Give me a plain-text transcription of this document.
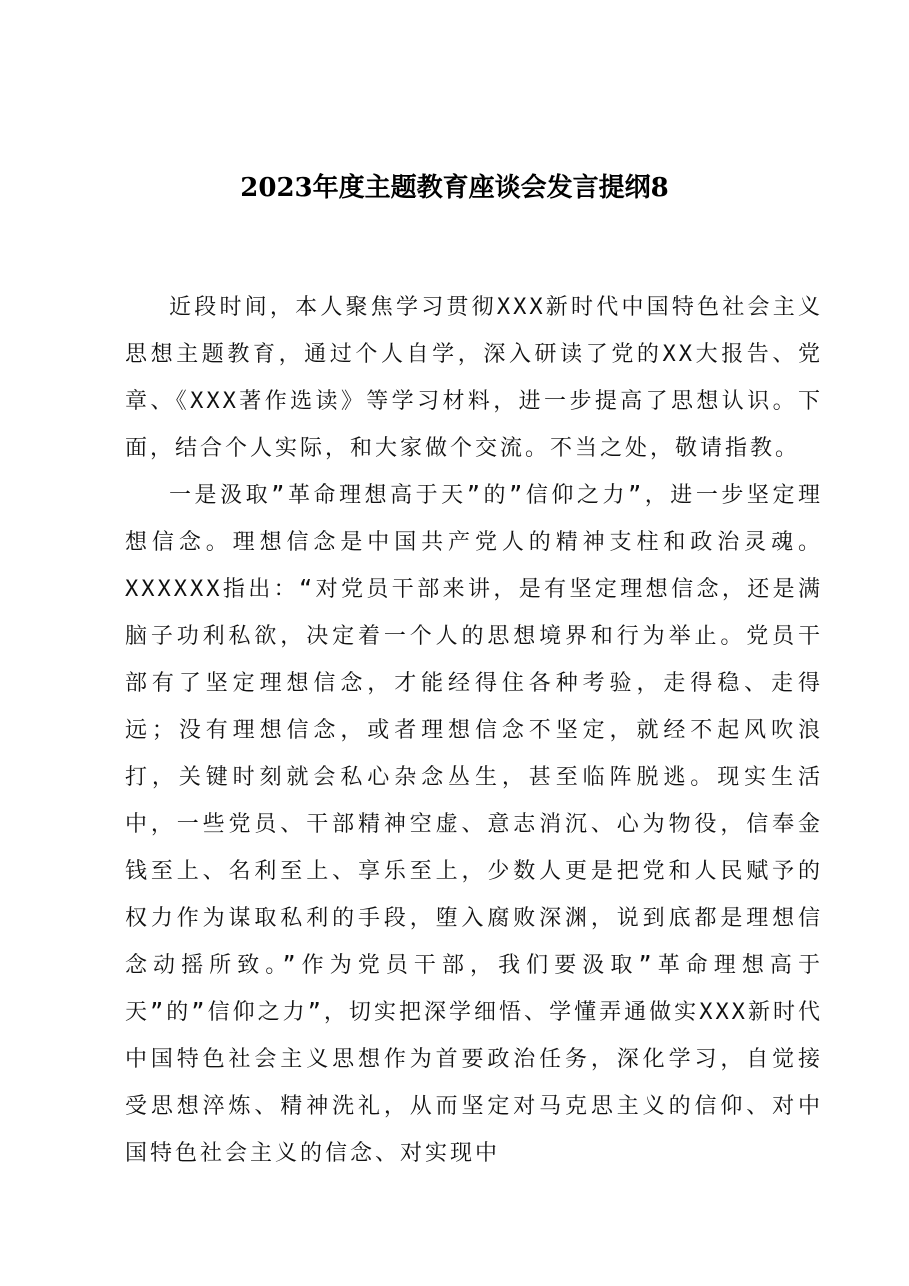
2023年度主题教育座谈会发言提纲8

近段时间，本人聚焦学习贯彻XXX新时代中国特色社会主义思想主题教育，通过个人自学，深入研读了党的XX大报告、党章、《XXX著作选读》等学习材料，进一步提高了思想认识。下面，结合个人实际，和大家做个交流。不当之处，敬请指教。

一是汲取”革命理想高于天”的”信仰之力”，进一步坚定理想信念。理想信念是中国共产党人的精神支柱和政治灵魂。XXXXXX指出：“对党员干部来讲，是有坚定理想信念，还是满脑子功利私欲，决定着一个人的思想境界和行为举止。党员干部有了坚定理想信念，才能经得住各种考验，走得稳、走得远；没有理想信念，或者理想信念不坚定，就经不起风吹浪打，关键时刻就会私心杂念丛生，甚至临阵脱逃。现实生活中，一些党员、干部精神空虚、意志消沉、心为物役，信奉金钱至上、名利至上、享乐至上，少数人更是把党和人民赋予的权力作为谋取私利的手段，堕入腐败深渊，说到底都是理想信念动摇所致。”作为党员干部，我们要汲取”革命理想高于天”的”信仰之力”，切实把深学细悟、学懂弄通做实XXX新时代中国特色社会主义思想作为首要政治任务，深化学习，自觉接受思想淬炼、精神洗礼，从而坚定对马克思主义的信仰、对中国特色社会主义的信念、对实现中
